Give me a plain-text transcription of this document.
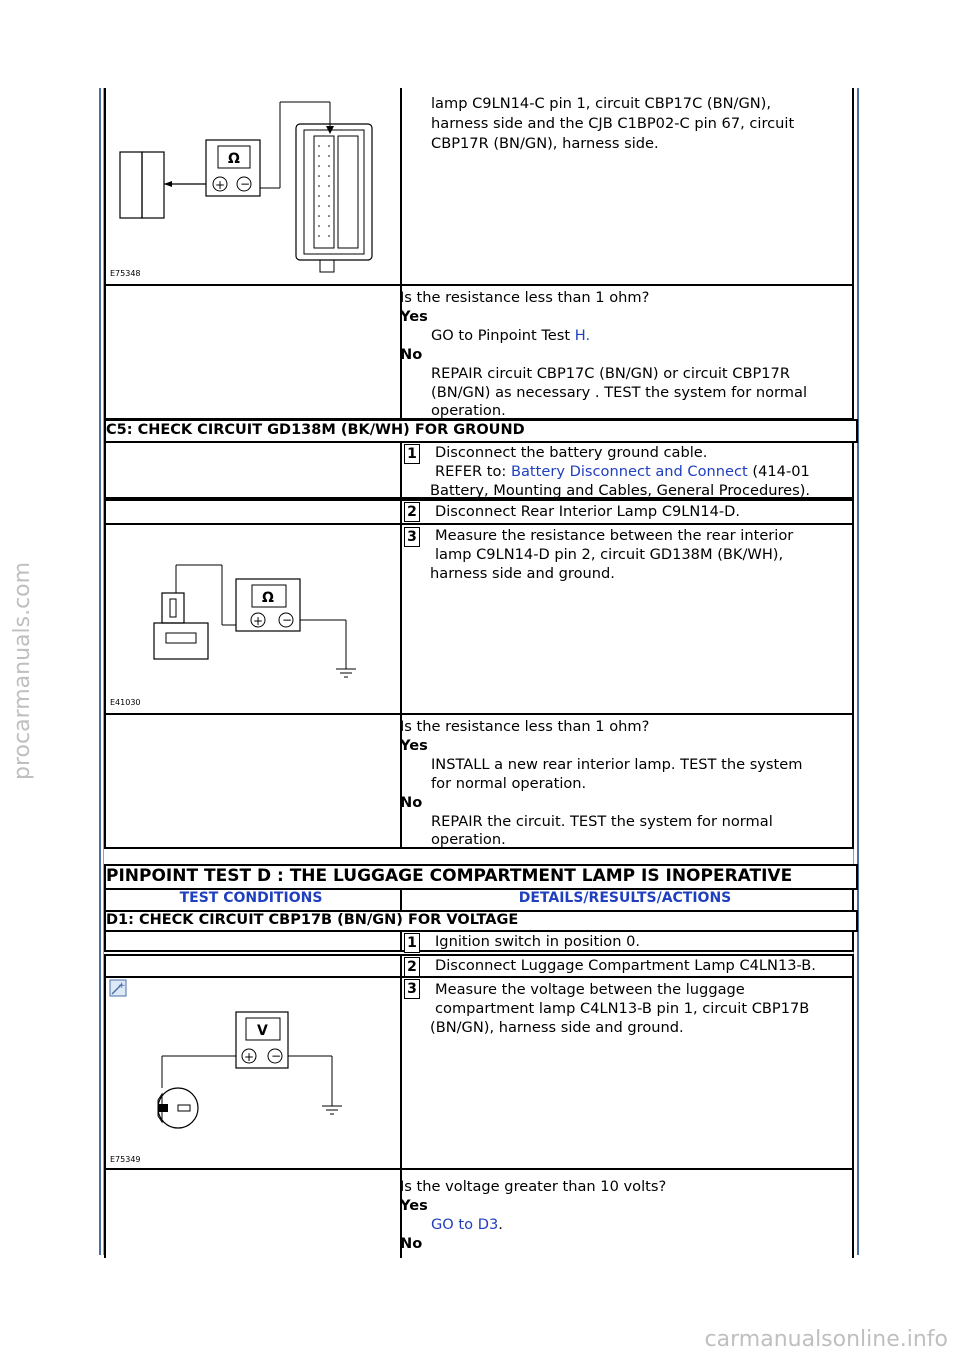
Ω
+ −
E75348
lamp C9LN14-C pin 1, circuit CBP17C (BN/GN),
harness side and the CJB C1BP02-C pin 67, circuit
CBP17R (BN/GN), harness side.
Is the resistance less than 1 ohm?
Yes
GO to Pinpoint Test H.
No
REPAIR circuit CBP17C (BN/GN) or circuit CBP17R
(BN/GN) as necessary . TEST the system for normal
operation.
C5: CHECK CIRCUIT GD138M (BK/WH) FOR GROUND
1 Disconnect the battery ground cable.
REFER to: Battery Disconnect and Connect (414-01
Battery, Mounting and Cables, General Procedures).
2 Disconnect Rear Interior Lamp C9LN14-D.
Ω
+ −
E41030
3 Measure the resistance between the rear interior
lamp C9LN14-D pin 2, circuit GD138M (BK/WH),
harness side and ground.
Is the resistance less than 1 ohm?
Yes
INSTALL a new rear interior lamp. TEST the system
for normal operation.
No
REPAIR the circuit. TEST the system for normal
operation.
PINPOINT TEST D : THE LUGGAGE COMPARTMENT LAMP IS INOPERATIVE
TEST CONDITIONS	DETAILS/RESULTS/ACTIONS
D1: CHECK CIRCUIT CBP17B (BN/GN) FOR VOLTAGE
1 Ignition switch in position 0.
2 Disconnect Luggage Compartment Lamp C4LN13-B.
+
V
+ −
E75349
3 Measure the voltage between the luggage
compartment lamp C4LN13-B pin 1, circuit CBP17B
(BN/GN), harness side and ground.
Is the voltage greater than 10 volts?
Yes
GO to D3.
No
procarmanuals.com
carmanualsonline.info
